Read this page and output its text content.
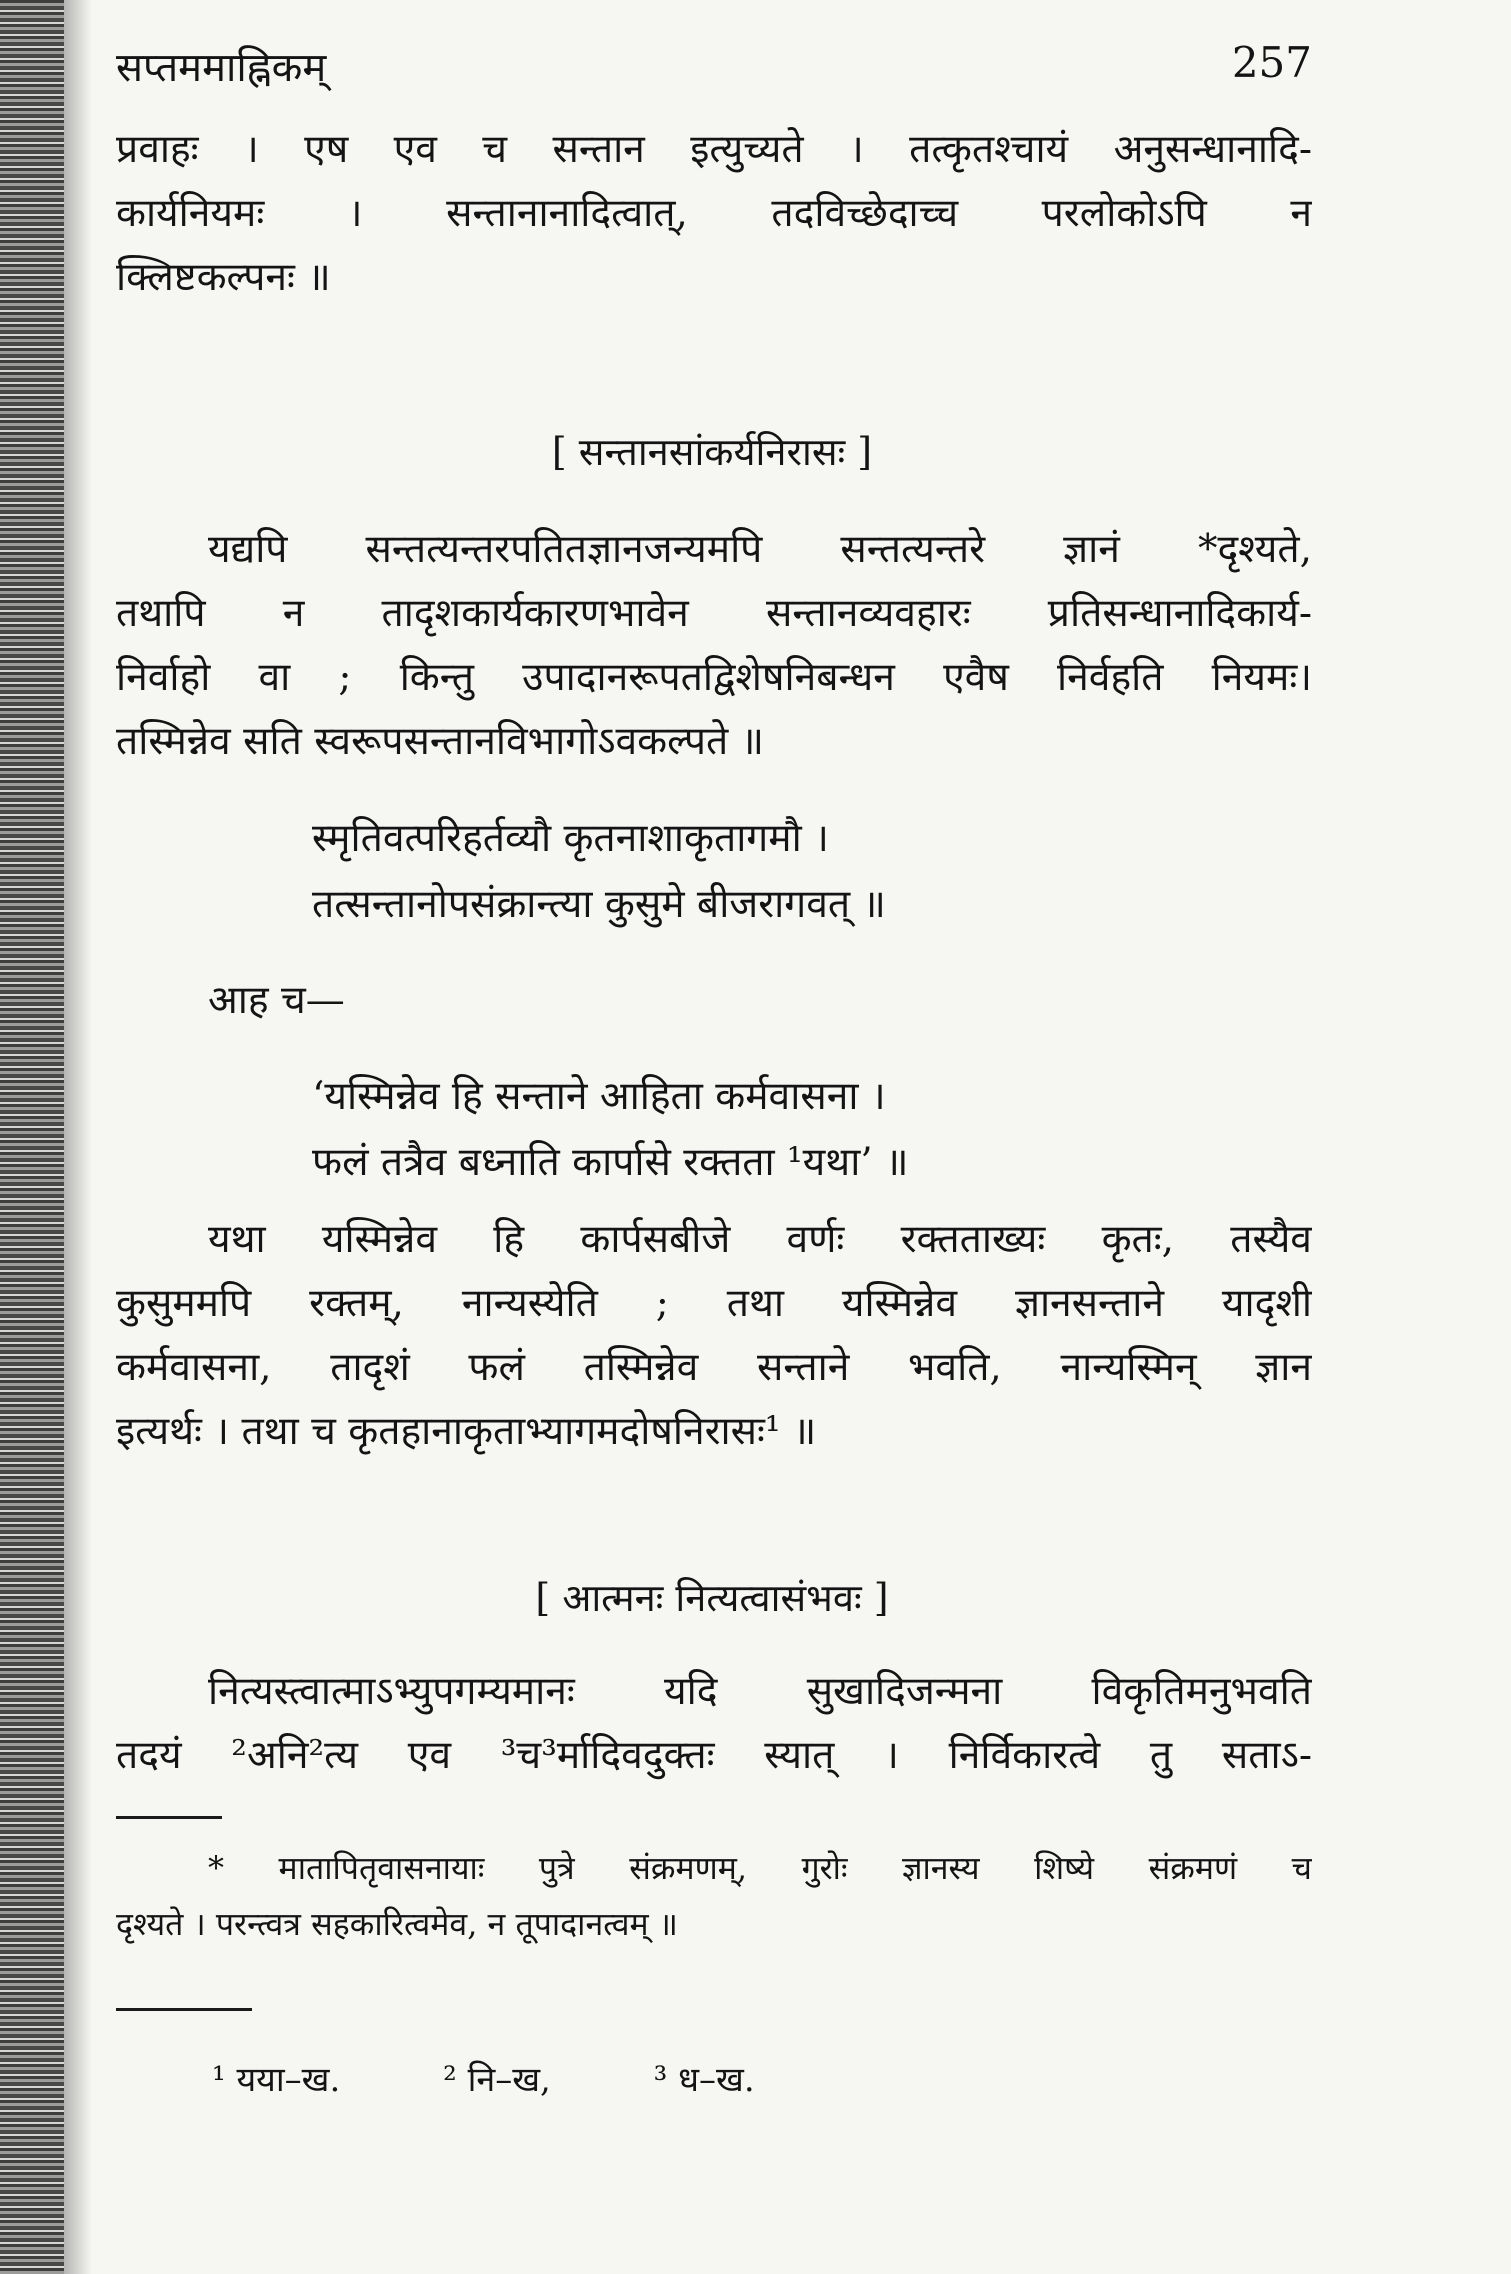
सप्तममाह्निकम्	257
प्रवाहः । एष एव च सन्तान इत्युच्यते । तत्कृतश्चायं अनुसन्धानादि-
कार्यनियमः । सन्तानानादित्वात्, तदविच्छेदाच्च परलोकोऽपि न
क्लिष्टकल्पनः ॥
[ सन्तानसांकर्यनिरासः ]
यद्यपि सन्तत्यन्तरपतितज्ञानजन्यमपि सन्तत्यन्तरे ज्ञानं *दृश्यते,
तथापि न तादृशकार्यकारणभावेन सन्तानव्यवहारः प्रतिसन्धानादिकार्य-
निर्वाहो वा ; किन्तु उपादानरूपतद्विशेषनिबन्धन एवैष निर्वहति नियमः।
तस्मिन्नेव सति स्वरूपसन्तानविभागोऽवकल्पते ॥
स्मृतिवत्परिहर्तव्यौ कृतनाशाकृतागमौ ।
तत्सन्तानोपसंक्रान्त्या कुसुमे बीजरागवत् ॥
आह च—
‘यस्मिन्नेव हि सन्ताने आहिता कर्मवासना ।
फलं तत्रैव बध्नाति कार्पासे रक्तता ¹यथा’ ॥
यथा यस्मिन्नेव हि कार्पसबीजे वर्णः रक्तताख्यः कृतः, तस्यैव
कुसुममपि रक्तम्, नान्यस्येति ; तथा यस्मिन्नेव ज्ञानसन्ताने यादृशी
कर्मवासना, तादृशं फलं तस्मिन्नेव सन्ताने भवति, नान्यस्मिन् ज्ञान
इत्यर्थः । तथा च कृतहानाकृताभ्यागमदोषनिरासः¹ ॥
[ आत्मनः नित्यत्वासंभवः ]
नित्यस्त्वात्माऽभ्युपगम्यमानः यदि सुखादिजन्मना विकृतिमनुभवति
तदयं ²अनि²त्य एव ³च³र्मादिवदुक्तः स्यात् । निर्विकारत्वे तु सताऽ-
* मातापितृवासनायाः पुत्रे संक्रमणम्, गुरोः ज्ञानस्य शिष्ये संक्रमणं च
दृश्यते । परन्त्वत्र सहकारित्वमेव, न तूपादानत्वम् ॥
¹ यया–ख.	² नि–ख,	³ ध–ख.
